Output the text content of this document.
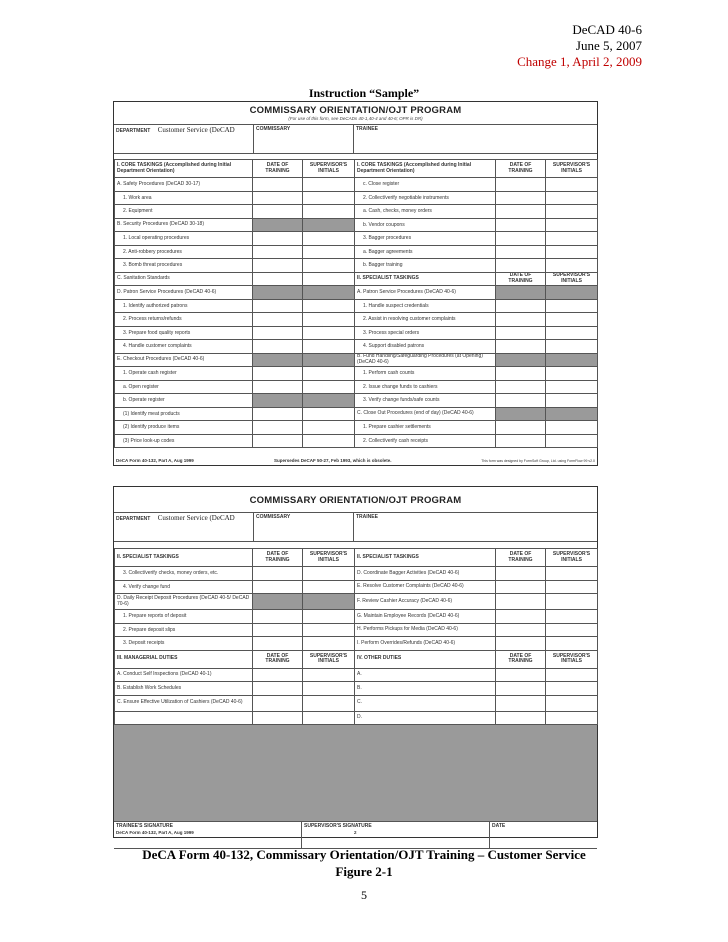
DeCAD 40-6
June 5, 2007
Change 1, April 2, 2009
Instruction “Sample”
COMMISSARY ORIENTATION/OJT PROGRAM
(For use of this form, see DeCADs 40-1,40-4 and 40-6; OPR is DR)
DEPARTMENT Customer Service (DeCAD	COMMISSARY	TRAINEE
I. CORE TASKINGS (Accomplished during Initial Department Orientation)	DATE OF TRAINING	SUPERVISOR'S INITIALS	I. CORE TASKINGS (Accomplished during Initial Department Orientation)	DATE OF TRAINING	SUPERVISOR'S INITIALS
A. Safety Procedures (DeCAD 30-17)			c. Close register		
1. Work area			2. Collect/verify negotiable instruments		
2. Equipment			a. Cash, checks, money orders		
B. Security Procedures (DeCAD 30-18)			b. Vendor coupons		
1. Local operating procedures			3. Bagger procedures		
2. Anti-robbery procedures			a. Bagger agreements		
3. Bomb threat procedures			b. Bagger training		
C. Sanitation Standards			II. SPECIALIST TASKINGS	DATE OF TRAINING	SUPERVISOR'S INITIALS
D. Patron Service Procedures (DeCAD 40-6)			A. Patron Service Procedures (DeCAD 40-6)		
1. Identify authorized patrons			1. Handle suspect credentials		
2. Process returns/refunds			2. Assist in resolving customer complaints		
3. Prepare food quality reports			3. Process special orders		
4. Handle customer complaints			4. Support disabled patrons		
E. Checkout Procedures (DeCAD 40-6)			B. Fund Handling/Safeguarding Procedures (at Opening) (DeCAD 40-6)		
1. Operate cash register			1. Perform cash counts		
a. Open register			2. Issue change funds to cashiers		
b. Operate register			3. Verify change funds/safe counts		
(1) Identify meat products			C. Close Out Procedures (end of day) (DeCAD 40-6)		
(2) Identify produce items			1. Prepare cashier settlements		
(3) Price look-up codes			2. Collect/verify cash receipts		
DeCA Form 40-132, Part A, Aug 1999	Supersedes DeCAF 50-27, Feb 1993, which is obsolete.	This form was designed by FormSoft Group, Ltd. using FormFlow 99 v2.0
COMMISSARY ORIENTATION/OJT PROGRAM
DEPARTMENT Customer Service (DeCAD	COMMISSARY	TRAINEE
II. SPECIALIST TASKINGS	DATE OF TRAINING	SUPERVISOR'S INITIALS	II. SPECIALIST TASKINGS	DATE OF TRAINING	SUPERVISOR'S INITIALS
3. Collect/verify checks, money orders, etc.			D. Coordinate Bagger Activities (DeCAD 40-6)		
4. Verify change fund			E. Resolve Customer Complaints (DeCAD 40-6)		
D. Daily Receipt Deposit Procedures (DeCAD 40-5/ DeCAD 70-6)			F. Review Cashier Accuracy (DeCAD 40-6)		
1. Prepare reports of deposit			G. Maintain Employee Records (DeCAD 40-6)		
2. Prepare deposit slips			H. Performs Pickups for Media (DeCAD 40-6)		
3. Deposit receipts			I. Perform Overrides/Refunds (DeCAD 40-6)		
III. MANAGERIAL DUTIES	DATE OF TRAINING	SUPERVISOR'S INITIALS	IV. OTHER DUTIES	DATE OF TRAINING	SUPERVISOR'S INITIALS
A. Conduct Self Inspections (DeCAD 40-1)			A.		
B. Establish Work Schedules			B.		
C. Ensure Effective Utilization of Cashiers (DeCAD 40-6)			C.		
			D.		
TRAINEE'S SIGNATURE	SUPERVISOR'S SIGNATURE	DATE
DeCA Form 40-132, Part A, Aug 1999	2
DeCA Form 40-132, Commissary Orientation/OJT Training – Customer Service
Figure 2-1
5
